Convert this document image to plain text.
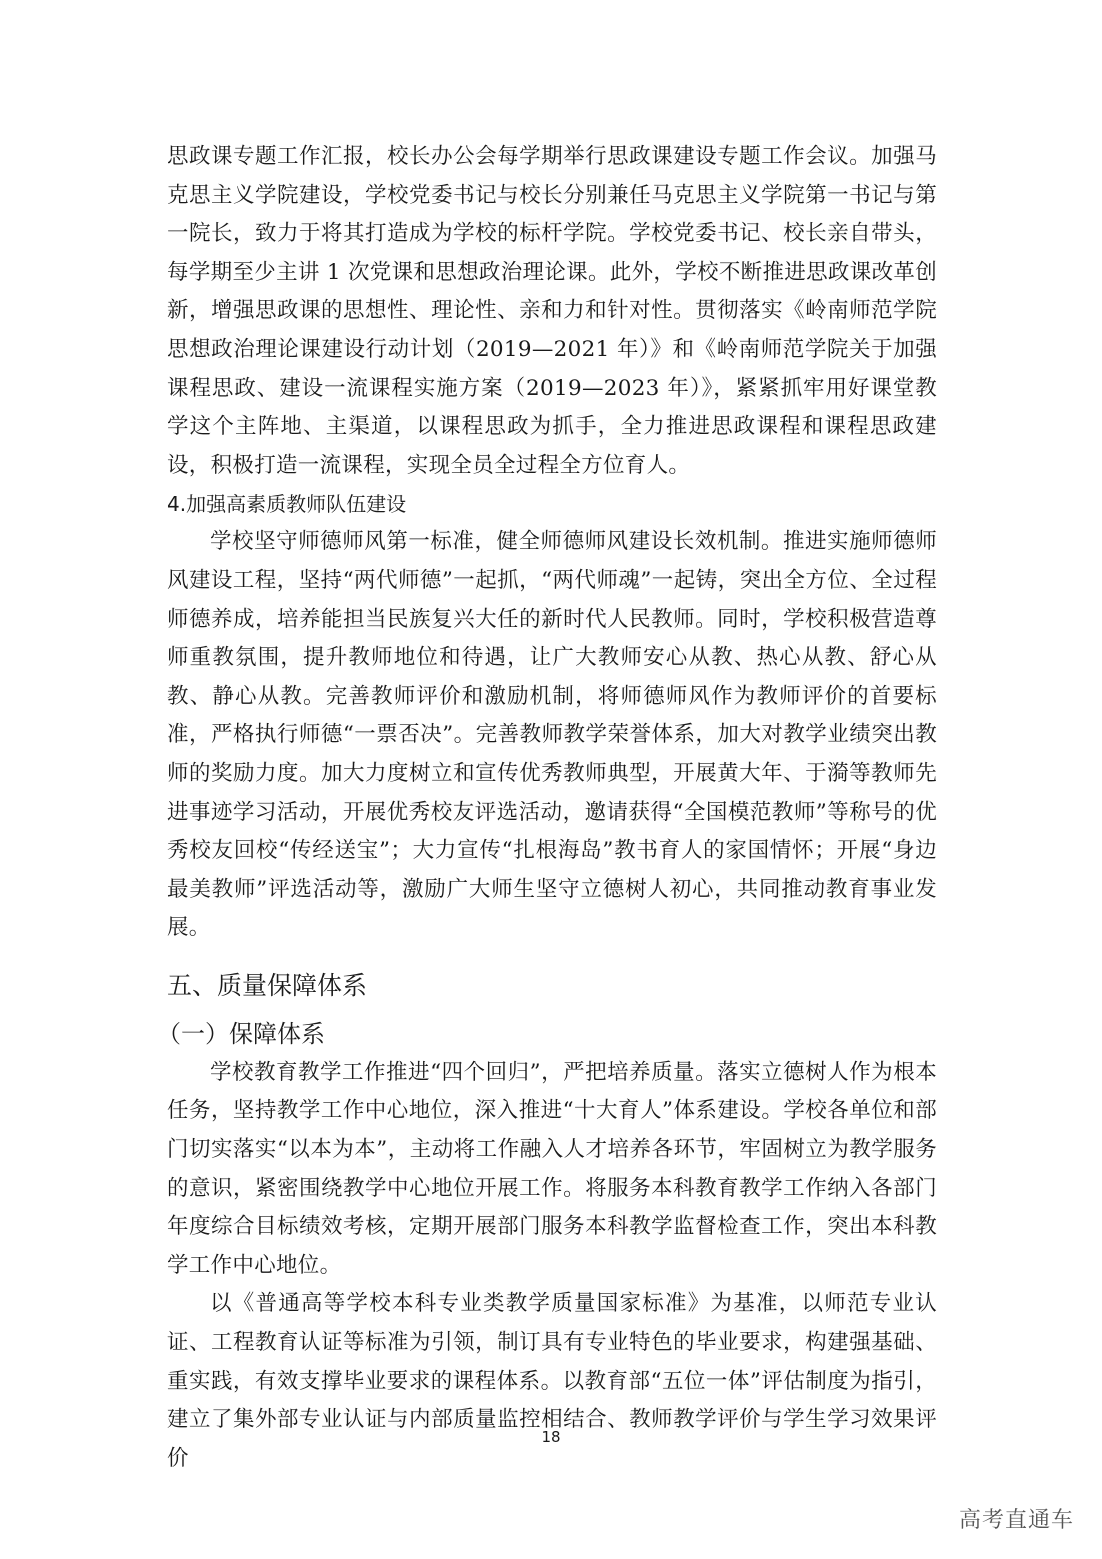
思政课专题工作汇报，校长办公会每学期举行思政课建设专题工作会议。加强马克思主义学院建设，学校党委书记与校长分别兼任马克思主义学院第一书记与第一院长，致力于将其打造成为学校的标杆学院。学校党委书记、校长亲自带头，每学期至少主讲 1 次党课和思想政治理论课。此外，学校不断推进思政课改革创新，增强思政课的思想性、理论性、亲和力和针对性。贯彻落实《岭南师范学院思想政治理论课建设行动计划（2019—2021 年）》和《岭南师范学院关于加强课程思政、建设一流课程实施方案（2019—2023 年）》，紧紧抓牢用好课堂教学这个主阵地、主渠道，以课程思政为抓手，全力推进思政课程和课程思政建设，积极打造一流课程，实现全员全过程全方位育人。

4.加强高素质教师队伍建设

学校坚守师德师风第一标准，健全师德师风建设长效机制。推进实施师德师风建设工程，坚持“两代师德”一起抓，“两代师魂”一起铸，突出全方位、全过程师德养成，培养能担当民族复兴大任的新时代人民教师。同时，学校积极营造尊师重教氛围，提升教师地位和待遇，让广大教师安心从教、热心从教、舒心从教、静心从教。完善教师评价和激励机制，将师德师风作为教师评价的首要标准，严格执行师德“一票否决”。完善教师教学荣誉体系，加大对教学业绩突出教师的奖励力度。加大力度树立和宣传优秀教师典型，开展黄大年、于漪等教师先进事迹学习活动，开展优秀校友评选活动，邀请获得“全国模范教师”等称号的优秀校友回校“传经送宝”；大力宣传“扎根海岛”教书育人的家国情怀；开展“身边最美教师”评选活动等，激励广大师生坚守立德树人初心，共同推动教育事业发展。

五、质量保障体系
（一）保障体系

学校教育教学工作推进“四个回归”，严把培养质量。落实立德树人作为根本任务，坚持教学工作中心地位，深入推进“十大育人”体系建设。学校各单位和部门切实落实“以本为本”，主动将工作融入人才培养各环节，牢固树立为教学服务的意识，紧密围绕教学中心地位开展工作。将服务本科教育教学工作纳入各部门年度综合目标绩效考核，定期开展部门服务本科教学监督检查工作，突出本科教学工作中心地位。

以《普通高等学校本科专业类教学质量国家标准》为基准，以师范专业认证、工程教育认证等标准为引领，制订具有专业特色的毕业要求，构建强基础、重实践，有效支撑毕业要求的课程体系。以教育部“五位一体”评估制度为指引，建立了集外部专业认证与内部质量监控相结合、教师教学评价与学生学习效果评价

18
高考直通车
